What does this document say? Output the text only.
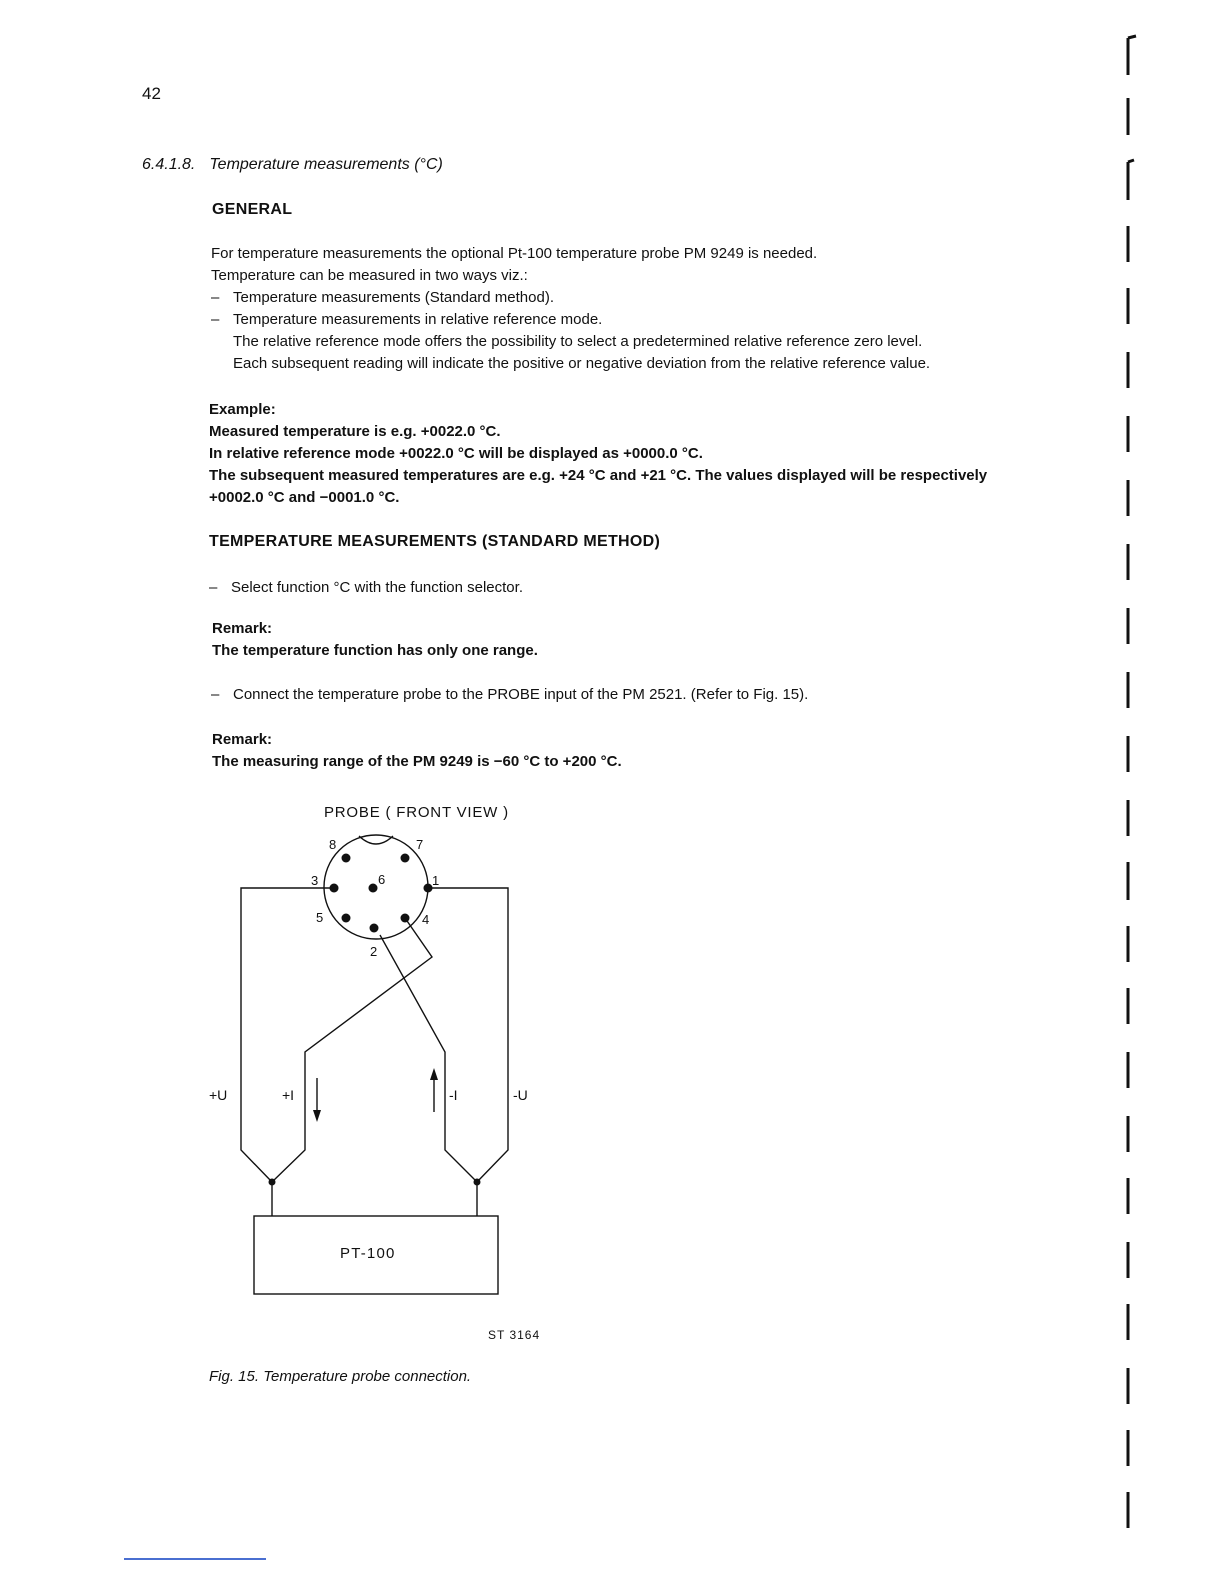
42
6.4.1.8. Temperature measurements (°C)
GENERAL
For temperature measurements the optional Pt-100 temperature probe PM 9249 is needed.
Temperature can be measured in two ways viz.:
– Temperature measurements (Standard method).
– Temperature measurements in relative reference mode.
The relative reference mode offers the possibility to select a predetermined relative reference zero level.
Each subsequent reading will indicate the positive or negative deviation from the relative reference value.
Example:
Measured temperature is e.g. +0022.0 °C.
In relative reference mode +0022.0 °C will be displayed as +0000.0 °C.
The subsequent measured temperatures are e.g. +24 °C and +21 °C. The values displayed will be respectively
+0002.0 °C and −0001.0 °C.
TEMPERATURE MEASUREMENTS (STANDARD METHOD)
– Select function °C with the function selector.
Remark:
The temperature function has only one range.
– Connect the temperature probe to the PROBE input of the PM 2521. (Refer to Fig. 15).
Remark:
The measuring range of the PM 9249 is −60 °C to +200 °C.
PROBE ( FRONT VIEW )
8	7
3	6	1
5	4
2
+U	+I	-I	-U
PT-100
ST 3164
Fig. 15. Temperature probe connection.
